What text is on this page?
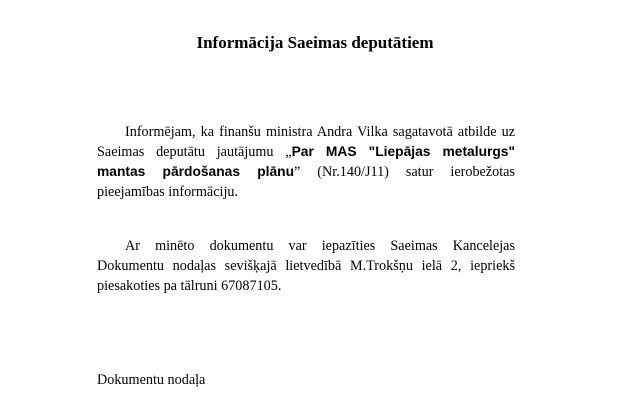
Informācija Saeimas deputātiem

Informējam, ka finanšu ministra Andra Vilka sagatavotā atbilde uz Saeimas deputātu jautājumu „Par MAS "Liepājas metalurgs" mantas pārdošanas plānu” (Nr.140/J11) satur ierobežotas pieejamības informāciju.

Ar minēto dokumentu var iepazīties Saeimas Kancelejas Dokumentu nodaļas sevišķajā lietvedībā M.Trokšņu ielā 2, iepriekš piesakoties pa tālruni 67087105.

Dokumentu nodaļa
